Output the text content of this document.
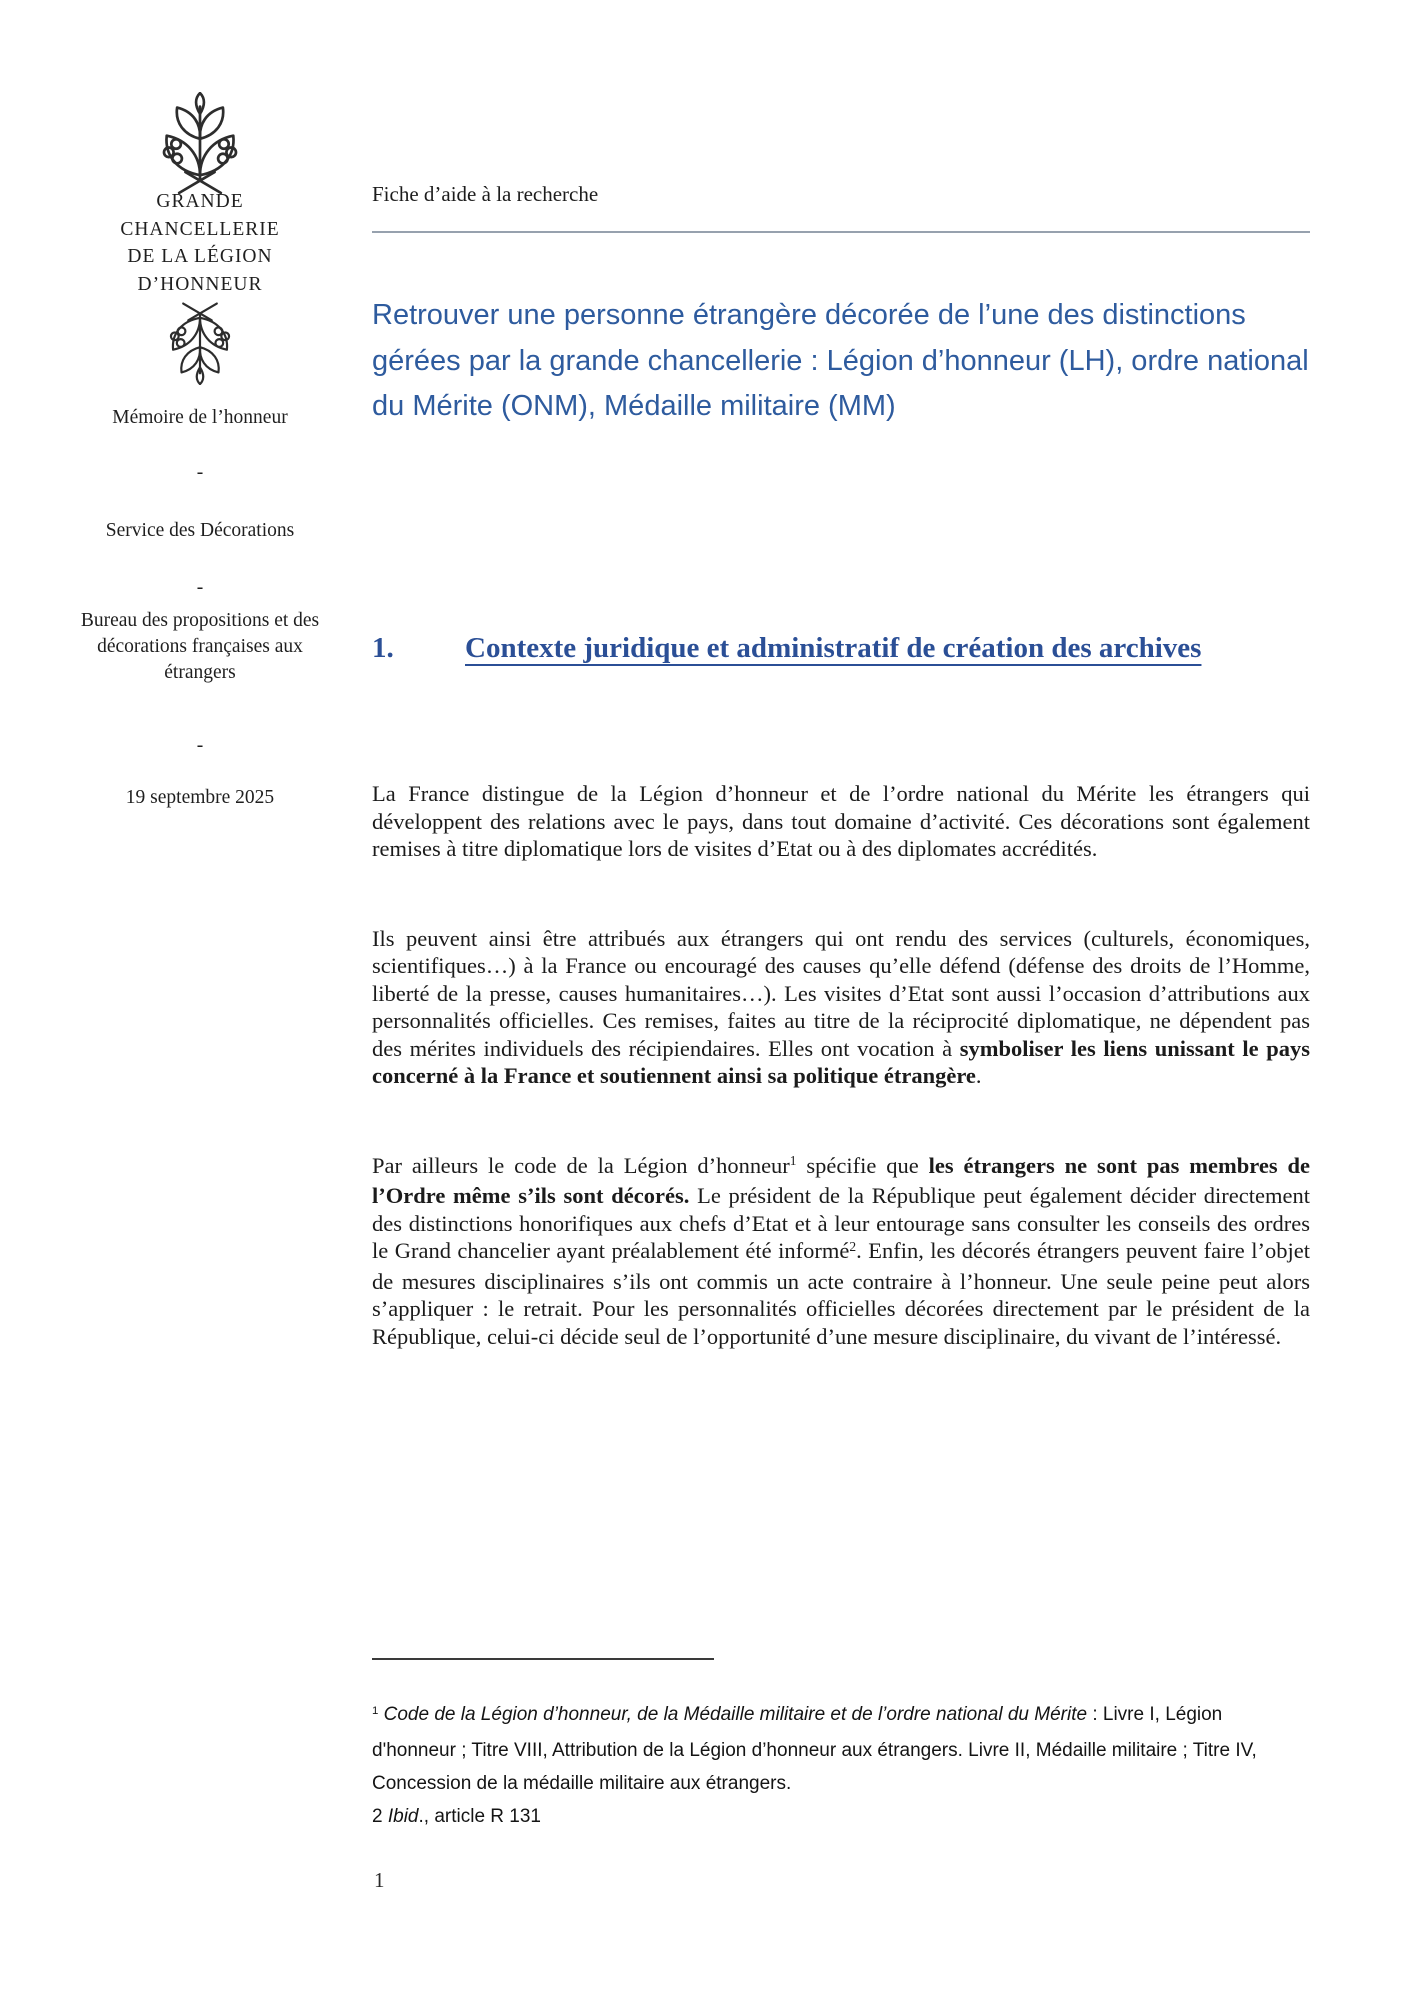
GRANDE
CHANCELLERIE
DE LA LÉGION
D’HONNEUR
Mémoire de l’honneur
-
Service des Décorations
-
Bureau des propositions et des décorations françaises aux étrangers
-
19 septembre 2025
Fiche d’aide à la recherche
Retrouver une personne étrangère décorée de l’une des distinctions gérées par la grande chancellerie : Légion d’honneur (LH), ordre national du Mérite (ONM), Médaille militaire (MM)
1. Contexte juridique et administratif de création des archives

La France distingue de la Légion d’honneur et de l’ordre national du Mérite les étrangers qui développent des relations avec le pays, dans tout domaine d’activité. Ces décorations sont également remises à titre diplomatique lors de visites d’Etat ou à des diplomates accrédités.

Ils peuvent ainsi être attribués aux étrangers qui ont rendu des services (culturels, économiques, scientifiques…) à la France ou encouragé des causes qu’elle défend (défense des droits de l’Homme, liberté de la presse, causes humanitaires…). Les visites d’Etat sont aussi l’occasion d’attributions aux personnalités officielles. Ces remises, faites au titre de la réciprocité diplomatique, ne dépendent pas des mérites individuels des récipiendaires. Elles ont vocation à symboliser les liens unissant le pays concerné à la France et soutiennent ainsi sa politique étrangère.

Par ailleurs le code de la Légion d’honneur$^1$ spécifie que les étrangers ne sont pas membres de l’Ordre même s’ils sont décorés. Le président de la République peut également décider directement des distinctions honorifiques aux chefs d’Etat et à leur entourage sans consulter les conseils des ordres le Grand chancelier ayant préalablement été informé$^2$. Enfin, les décorés étrangers peuvent faire l’objet de mesures disciplinaires s’ils ont commis un acte contraire à l’honneur. Une seule peine peut alors s’appliquer : le retrait. Pour les personnalités officielles décorées directement par le président de la République, celui-ci décide seul de l’opportunité d’une mesure disciplinaire, du vivant de l’intéressé.

$^1$ Code de la Légion d’honneur, de la Médaille militaire et de l’ordre national du Mérite : Livre I, Légion d'honneur ; Titre VIII, Attribution de la Légion d’honneur aux étrangers. Livre II, Médaille militaire ; Titre IV, Concession de la médaille militaire aux étrangers.

2 Ibid., article R 131

1
